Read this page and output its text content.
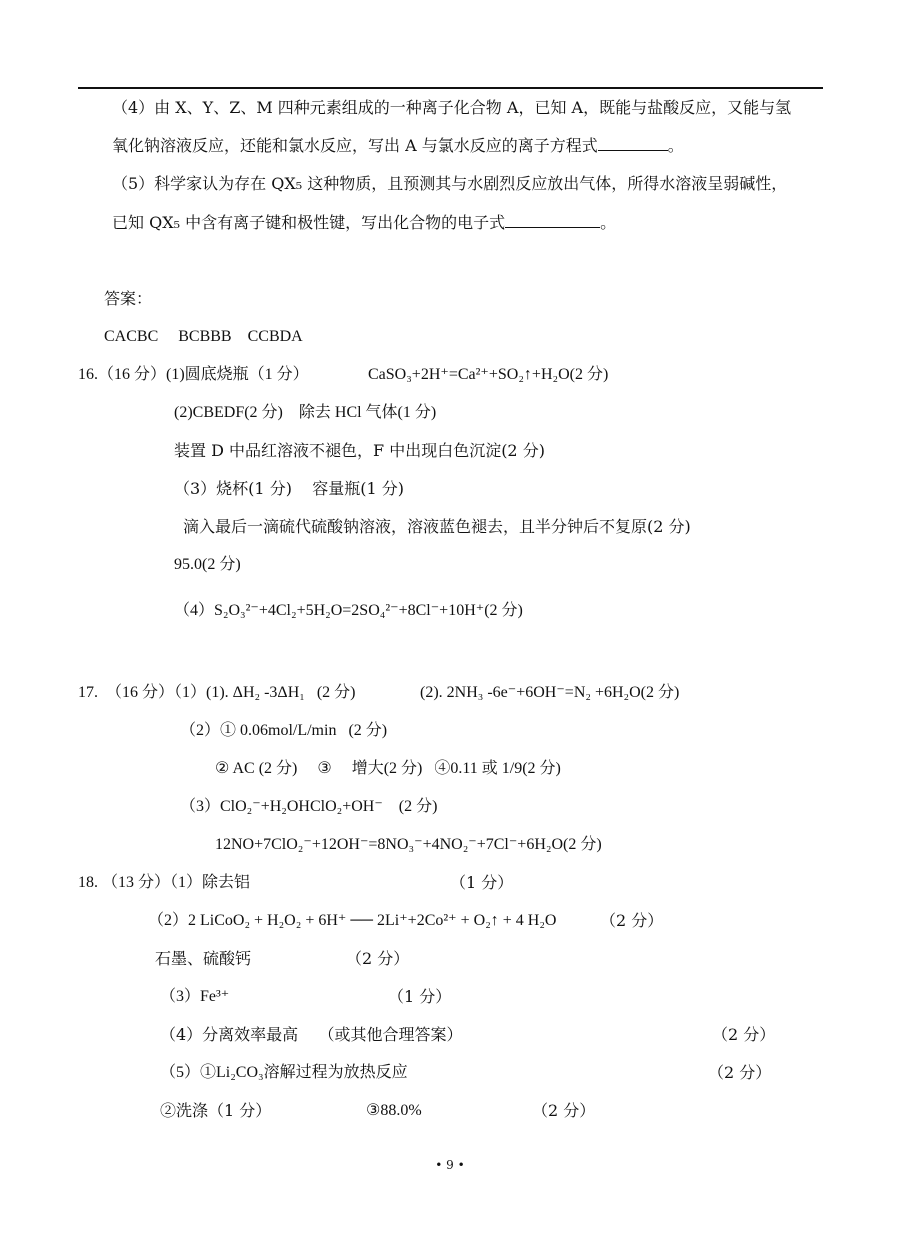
（4）由 X、Y、Z、M 四种元素组成的一种离子化合物 A，已知 A，既能与盐酸反应，又能与氢
氧化钠溶液反应，还能和氯水反应，写出 A 与氯水反应的离子方程式	。
（5）科学家认为存在 QX₅ 这种物质，且预测其与水剧烈反应放出气体，所得水溶液呈弱碱性，
已知 QX₅ 中含有离子键和极性键，写出化合物的电子式	。
答案：
CACBC     BCBBB    CCBDA
16.（16 分）(1)圆底烧瓶（1 分）	CaSO₃+2H⁺=Ca²⁺+SO₂↑+H₂O(2 分)
(2)CBEDF(2 分)    除去 HCl 气体(1 分)
装置 D 中品红溶液不褪色，F 中出现白色沉淀(2 分)
（3）烧杯(1 分)    容量瓶(1 分)
滴入最后一滴硫代硫酸钠溶液，溶液蓝色褪去，且半分钟后不复原(2 分)
95.0(2 分)
（4）S₂O₃²⁻+4Cl₂+5H₂O=2SO₄²⁻+8Cl⁻+10H⁺(2 分)
17.  （16 分）（1）(1). ΔH₂ -3ΔH₁   (2 分)	(2). 2NH₃ -6e⁻+6OH⁻=N₂ +6H₂O(2 分)
（2）① 0.06mol/L/min   (2 分)
② AC (2 分)     ③     增大(2 分)   ④0.11 或 1/9(2 分)
（3）ClO₂⁻+H₂OHClO₂+OH⁻    (2 分)
12NO+7ClO₂⁻+12OH⁻=8NO₃⁻+4NO₂⁻+7Cl⁻+6H₂O(2 分)
18. （13 分）（1）除去铝	（1 分）
（2）2 LiCoO₂ + H₂O₂ + 6H⁺ ── 2Li⁺+2Co²⁺ + O₂↑ + 4 H₂O	（2 分）
石墨、硫酸钙	（2 分）
（3）Fe³⁺	（1 分）
（4）分离效率最高    （或其他合理答案）	（2 分）
（5）①Li₂CO₃溶解过程为放热反应	（2 分）
②洗涤（1 分）	③88.0%	（2 分）
• 9 •
